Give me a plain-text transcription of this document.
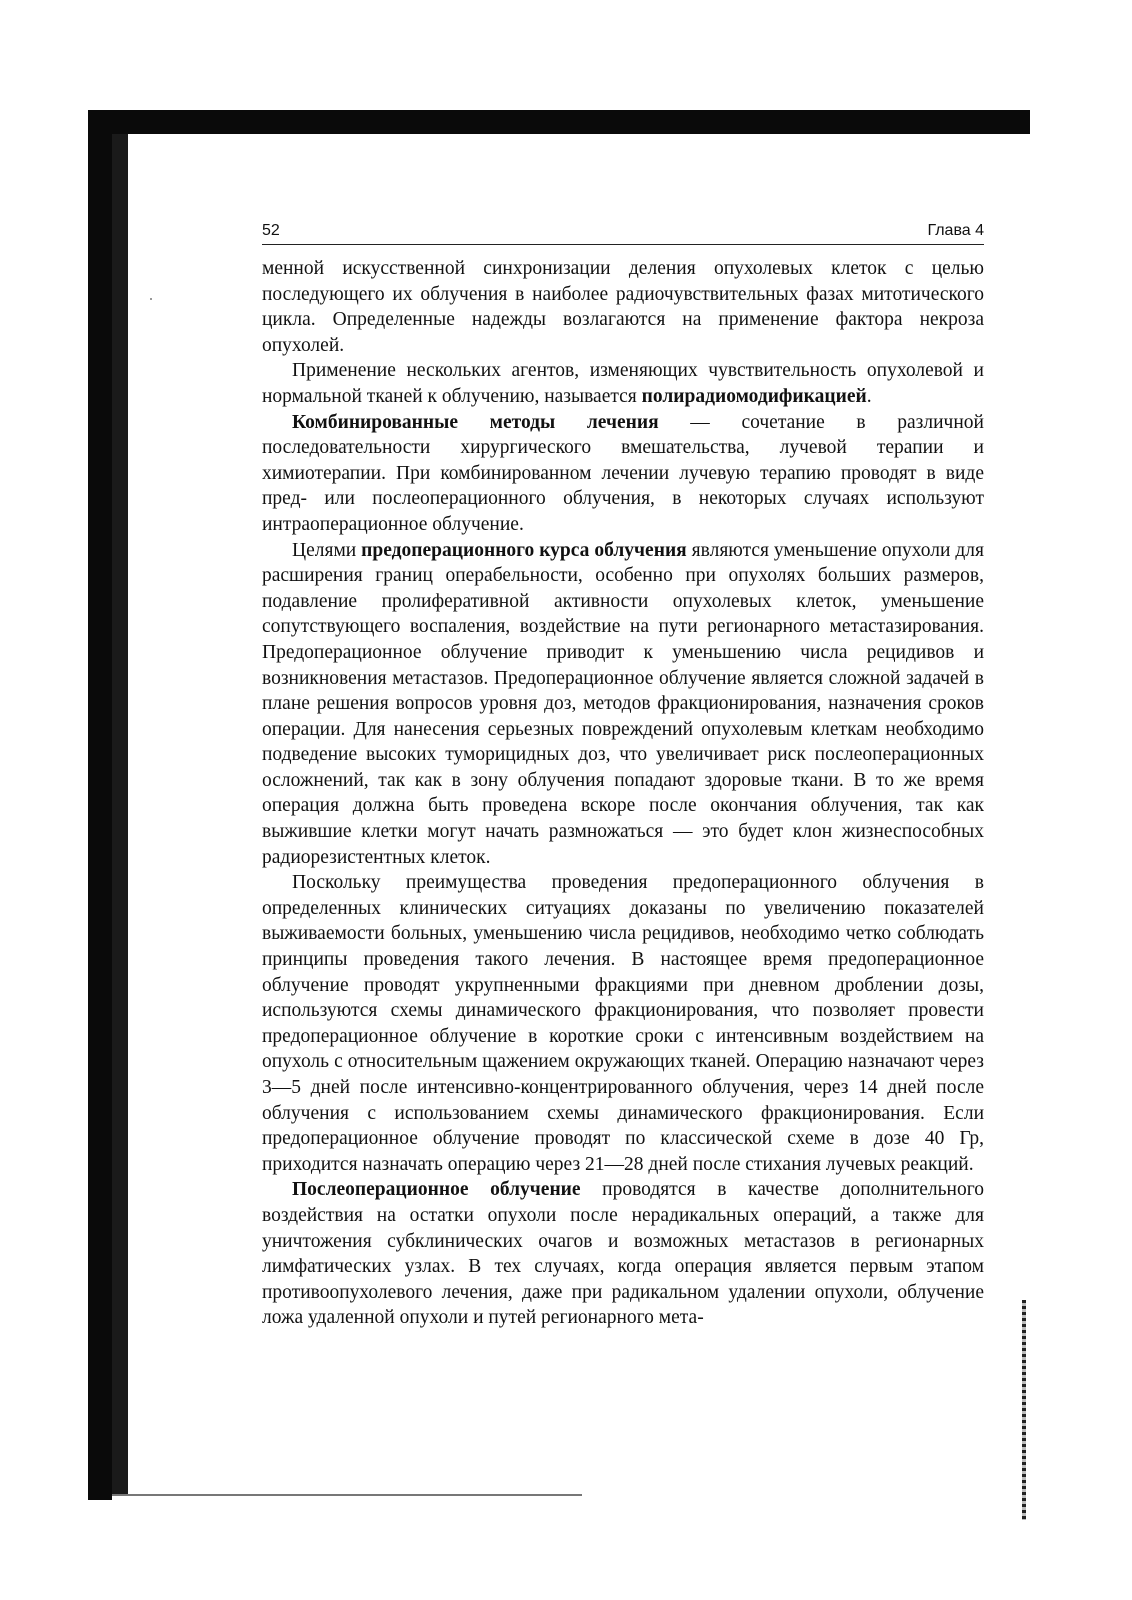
52	Глава 4

менной искусственной синхронизации деления опухолевых клеток с целью последующего их облучения в наиболее радиочувствительных фазах митотического цикла. Определенные надежды возлагаются на применение фактора некроза опухолей.

Применение нескольких агентов, изменяющих чувствительность опухолевой и нормальной тканей к облучению, называется полирадиомодификацией.

Комбинированные методы лечения — сочетание в различной последовательности хирургического вмешательства, лучевой терапии и химиотерапии. При комбинированном лечении лучевую терапию проводят в виде пред- или послеоперационного облучения, в некоторых случаях используют интраоперационное облучение.

Целями предоперационного курса облучения являются уменьшение опухоли для расширения границ операбельности, особенно при опухолях больших размеров, подавление пролиферативной активности опухолевых клеток, уменьшение сопутствующего воспаления, воздействие на пути регионарного метастазирования. Предоперационное облучение приводит к уменьшению числа рецидивов и возникновения метастазов. Предоперационное облучение является сложной задачей в плане решения вопросов уровня доз, методов фракционирования, назначения сроков операции. Для нанесения серьезных повреждений опухолевым клеткам необходимо подведение высоких туморицидных доз, что увеличивает риск послеоперационных осложнений, так как в зону облучения попадают здоровые ткани. В то же время операция должна быть проведена вскоре после окончания облучения, так как выжившие клетки могут начать размножаться — это будет клон жизнеспособных радиорезистентных клеток.

Поскольку преимущества проведения предоперационного облучения в определенных клинических ситуациях доказаны по увеличению показателей выживаемости больных, уменьшению числа рецидивов, необходимо четко соблюдать принципы проведения такого лечения. В настоящее время предоперационное облучение проводят укрупненными фракциями при дневном дроблении дозы, используются схемы динамического фракционирования, что позволяет провести предоперационное облучение в короткие сроки с интенсивным воздействием на опухоль с относительным щажением окружающих тканей. Операцию назначают через 3—5 дней после интенсивно-концентрированного облучения, через 14 дней после облучения с использованием схемы динамического фракционирования. Если предоперационное облучение проводят по классической схеме в дозе 40 Гр, приходится назначать операцию через 21—28 дней после стихания лучевых реакций.

Послеоперационное облучение проводятся в качестве дополнительного воздействия на остатки опухоли после нерадикальных операций, а также для уничтожения субклинических очагов и возможных метастазов в регионарных лимфатических узлах. В тех случаях, когда операция является первым этапом противоопухолевого лечения, даже при радикальном удалении опухоли, облучение ложа удаленной опухоли и путей регионарного мета-
